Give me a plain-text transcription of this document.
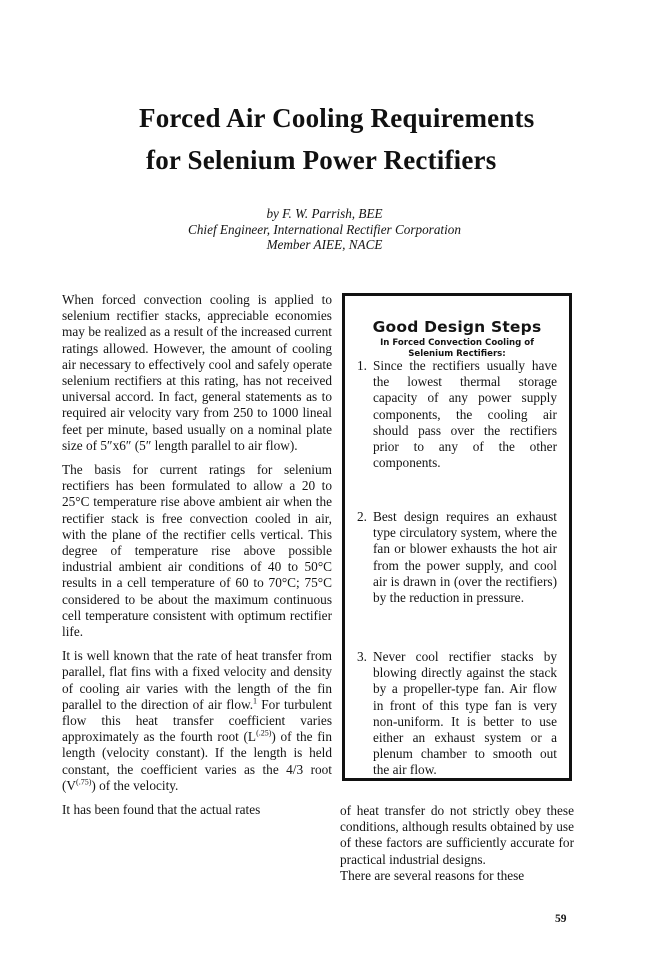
Forced Air Cooling Requirements
for Selenium Power Rectifiers
by F. W. Parrish, BEE
Chief Engineer, International Rectifier Corporation
Member AIEE, NACE

When forced convection cooling is applied to selenium rectifier stacks, appreciable economies may be realized as a result of the increased current ratings allowed. However, the amount of cooling air necessary to effectively cool and safely operate selenium rectifiers at this rating, has not received universal accord. In fact, general statements as to required air velocity vary from 250 to 1000 lineal feet per minute, based usually on a nominal plate size of 5″x6″ (5″ length parallel to air flow).

The basis for current ratings for selenium rectifiers has been formulated to allow a 20 to 25°C temperature rise above ambient air when the rectifier stack is free convection cooled in air, with the plane of the rectifier cells vertical. This degree of temperature rise above possible industrial ambient air conditions of 40 to 50°C results in a cell temperature of 60 to 70°C; 75°C considered to be about the maximum continuous cell temperature consistent with optimum rectifier life.

It is well known that the rate of heat transfer from parallel, flat fins with a fixed velocity and density of cooling air varies with the length of the fin parallel to the direction of air flow.$^1$ For turbulent flow this heat transfer coefficient varies approximately as the fourth root $(L^{(.25)})$ of the fin length (velocity constant). If the length is held constant, the coefficient varies as the 4/3 root $(V^{(.75)})$ of the velocity.

It has been found that the actual rates

Good Design Steps
In Forced Convection Cooling of
Selenium Rectifiers:
1. Since the rectifiers usually have the lowest thermal storage capacity of any power supply components, the cooling air should pass over the rectifiers prior to any of the other components.
2. Best design requires an exhaust type circulatory system, where the fan or blower exhausts the hot air from the power supply, and cool air is drawn in (over the rectifiers) by the reduction in pressure.
3. Never cool rectifier stacks by blowing directly against the stack by a propeller-type fan. Air flow in front of this type fan is very non-uniform. It is better to use either an exhaust system or a plenum chamber to smooth out the air flow.

of heat transfer do not strictly obey these conditions, although results obtained by use of these factors are sufficiently accurate for practical industrial designs.

There are several reasons for these

59
